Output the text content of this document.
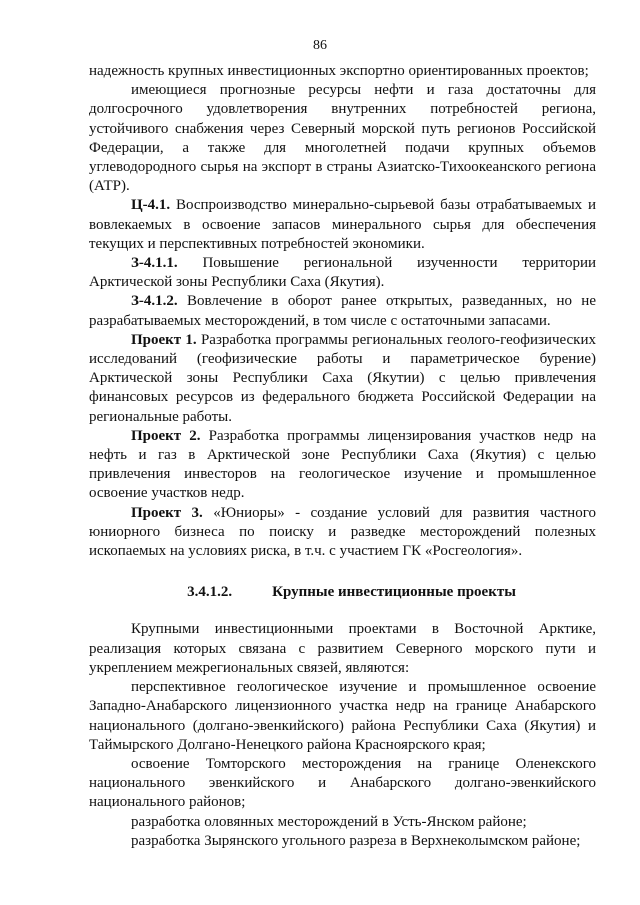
86

надежность крупных инвестиционных экспортно ориентированных проектов;

имеющиеся прогнозные ресурсы нефти и газа достаточны для долгосрочного удовлетворения внутренних потребностей региона, устойчивого снабжения через Северный морской путь регионов Российской Федерации, а также для многолетней подачи крупных объемов углеводородного сырья на экспорт в страны Азиатско-Тихоокеанского региона (АТР).

Ц-4.1. Воспроизводство минерально-сырьевой базы отрабатываемых и вовлекаемых в освоение запасов минерального сырья для обеспечения текущих и перспективных потребностей экономики.

З-4.1.1. Повышение региональной изученности территории Арктической зоны Республики Саха (Якутия).

З-4.1.2. Вовлечение в оборот ранее открытых, разведанных, но не разрабатываемых месторождений, в том числе с остаточными запасами.

Проект 1. Разработка программы региональных геолого-геофизических исследований (геофизические работы и параметрическое бурение) Арктической зоны Республики Саха (Якутии) с целью привлечения финансовых ресурсов из федерального бюджета Российской Федерации на региональные работы.

Проект 2. Разработка программы лицензирования участков недр на нефть и газ в Арктической зоне Республики Саха (Якутия) с целью привлечения инвесторов на геологическое изучение и промышленное освоение участков недр.

Проект 3. «Юниоры» - создание условий для развития частного юниорного бизнеса по поиску и разведке месторождений полезных ископаемых на условиях риска, в т.ч. с участием ГК «Росгеология».

3.4.1.2.	Крупные инвестиционные проекты

Крупными инвестиционными проектами в Восточной Арктике, реализация которых связана с развитием Северного морского пути и укреплением межрегиональных связей, являются:

перспективное геологическое изучение и промышленное освоение Западно-Анабарского лицензионного участка недр на границе Анабарского национального (долгано-эвенкийского) района Республики Саха (Якутия) и Таймырского Долгано-Ненецкого района Красноярского края;

освоение Томторского месторождения на границе Оленекского национального эвенкийского и Анабарского долгано-эвенкийского национального районов;

разработка оловянных месторождений в Усть-Янском районе;

разработка Зырянского угольного разреза в Верхнеколымском районе;
